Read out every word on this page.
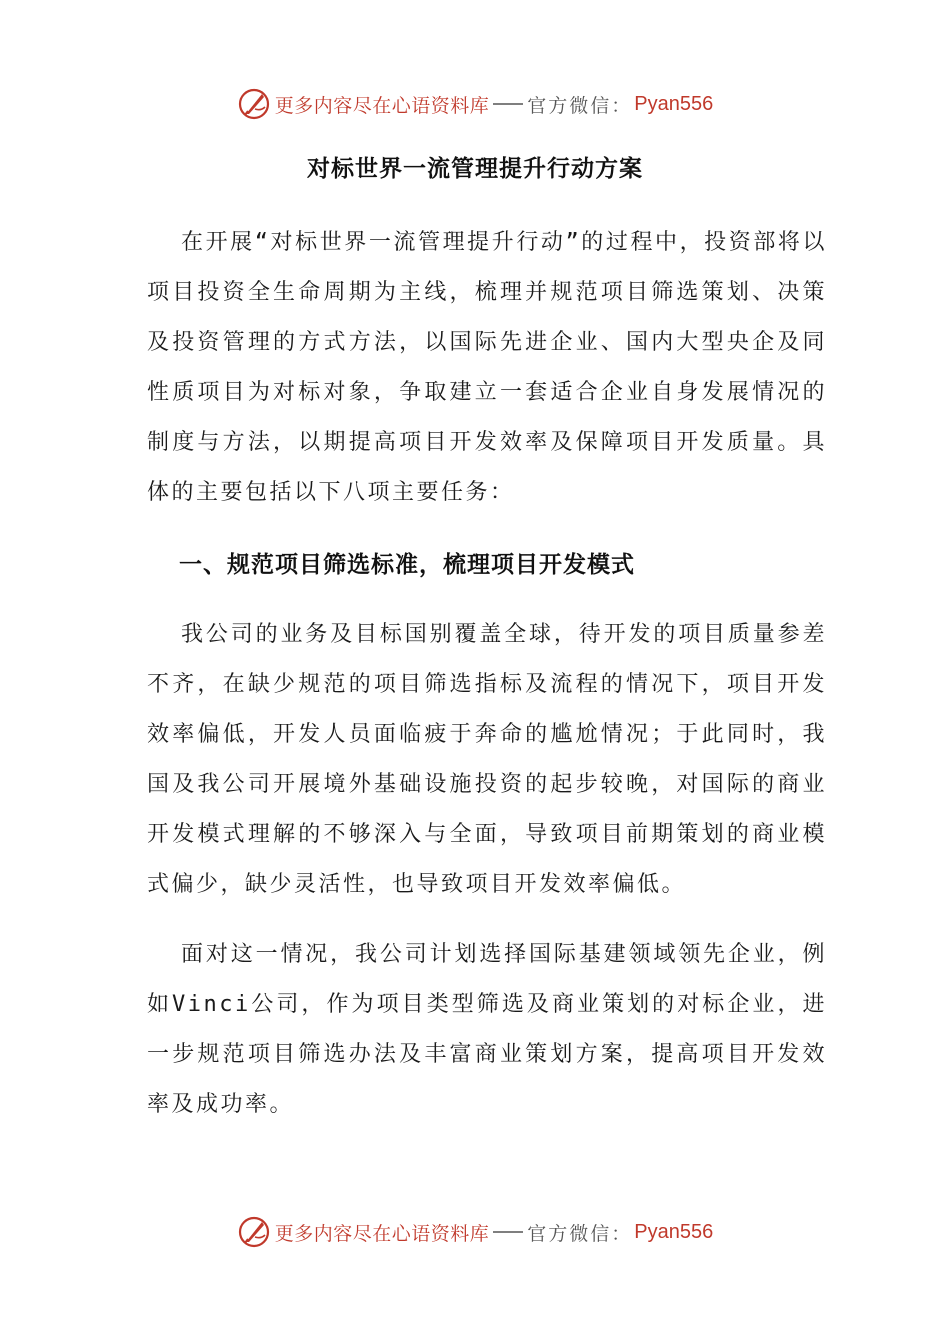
更多内容尽在心语资料库 官方微信： Pyan556
对标世界一流管理提升行动方案

在开展“对标世界一流管理提升行动”的过程中，投资部将以项目投资全生命周期为主线，梳理并规范项目筛选策划、决策及投资管理的方式方法，以国际先进企业、国内大型央企及同性质项目为对标对象，争取建立一套适合企业自身发展情况的制度与方法，以期提高项目开发效率及保障项目开发质量。具体的主要包括以下八项主要任务：

一、规范项目筛选标准，梳理项目开发模式

我公司的业务及目标国别覆盖全球，待开发的项目质量参差不齐，在缺少规范的项目筛选指标及流程的情况下，项目开发效率偏低，开发人员面临疲于奔命的尴尬情况；于此同时，我国及我公司开展境外基础设施投资的起步较晚，对国际的商业开发模式理解的不够深入与全面，导致项目前期策划的商业模式偏少，缺少灵活性，也导致项目开发效率偏低。

面对这一情况，我公司计划选择国际基建领域领先企业，例如Vinci公司，作为项目类型筛选及商业策划的对标企业，进一步规范项目筛选办法及丰富商业策划方案，提高项目开发效率及成功率。

更多内容尽在心语资料库 官方微信： Pyan556
